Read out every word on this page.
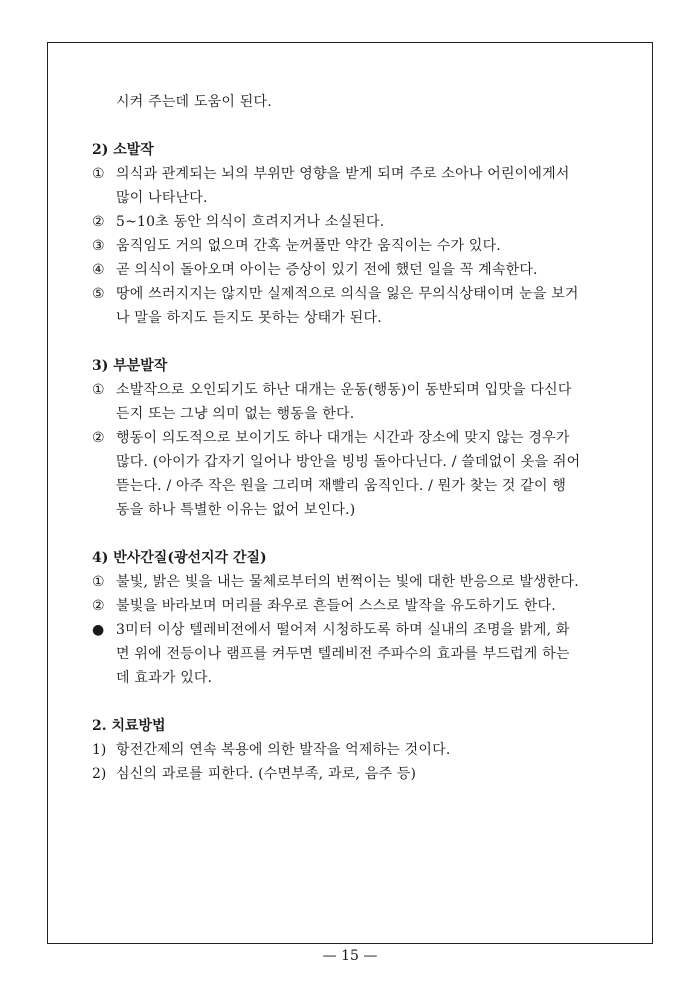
시켜 주는데 도움이 된다.
2) 소발작
① 의식과 관계되는 뇌의 부위만 영향을 받게 되며 주로 소아나 어린이에게서
많이 나타난다.
② 5~10초 동안 의식이 흐려지거나 소실된다.
③ 움직임도 거의 없으며 간혹 눈꺼풀만 약간 움직이는 수가 있다.
④ 곧 의식이 돌아오며 아이는 증상이 있기 전에 했던 일을 꼭 계속한다.
⑤ 땅에 쓰러지지는 않지만 실제적으로 의식을 잃은 무의식상태이며 눈을 보거
나 말을 하지도 듣지도 못하는 상태가 된다.
3) 부분발작
① 소발작으로 오인되기도 하난 대개는 운동(행동)이 동반되며 입맛을 다신다
든지 또는 그냥 의미 없는 행동을 한다.
② 행동이 의도적으로 보이기도 하나 대개는 시간과 장소에 맞지 않는 경우가
많다. (아이가 갑자기 일어나 방안을 빙빙 돌아다닌다. / 쓸데없이 옷을 쥐어
뜯는다. / 아주 작은 원을 그리며 재빨리 움직인다. / 뭔가 찾는 것 같이 행
동을 하나 특별한 이유는 없어 보인다.)
4) 반사간질(광선지각 간질)
① 불빛, 밝은 빛을 내는 물체로부터의 번쩍이는 빛에 대한 반응으로 발생한다.
② 불빛을 바라보며 머리를 좌우로 흔들어 스스로 발작을 유도하기도 한다.
● 3미터 이상 텔레비전에서 떨어져 시청하도록 하며 실내의 조명을 밝게, 화
면 위에 전등이나 램프를 켜두면 텔레비전 주파수의 효과를 부드럽게 하는
데 효과가 있다.
2. 치료방법
1) 항전간제의 연속 복용에 의한 발작을 억제하는 것이다.
2) 심신의 과로를 피한다. (수면부족, 과로, 음주 등)
— 15 —
